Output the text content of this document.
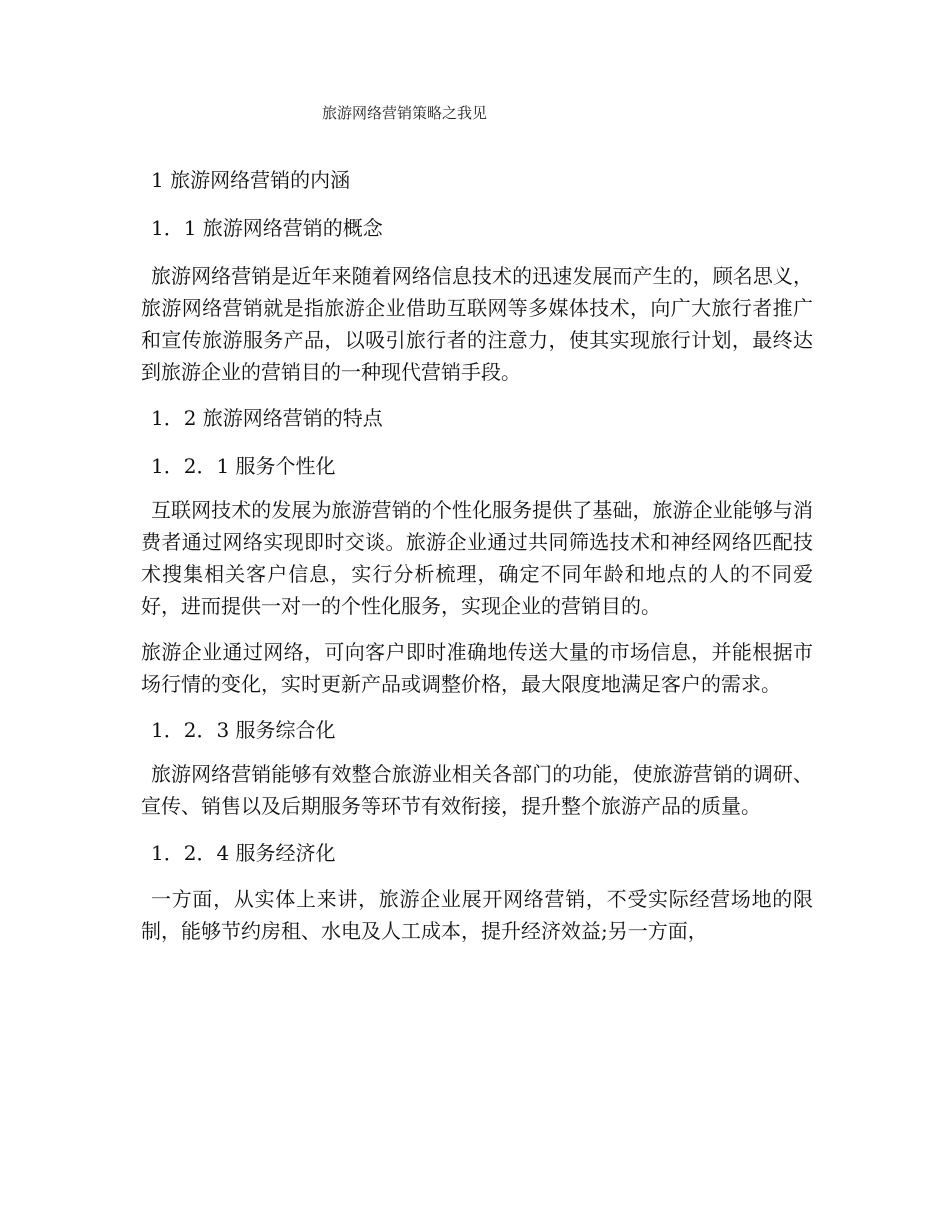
旅游网络营销策略之我见

1 旅游网络营销的内涵

1．1 旅游网络营销的概念

旅游网络营销是近年来随着网络信息技术的迅速发展而产生的，顾名思义，旅游网络营销就是指旅游企业借助互联网等多媒体技术，向广大旅行者推广和宣传旅游服务产品，以吸引旅行者的注意力，使其实现旅行计划，最终达到旅游企业的营销目的一种现代营销手段。

1．2 旅游网络营销的特点

1．2．1 服务个性化

互联网技术的发展为旅游营销的个性化服务提供了基础，旅游企业能够与消费者通过网络实现即时交谈。旅游企业通过共同筛选技术和神经网络匹配技术搜集相关客户信息，实行分析梳理，确定不同年龄和地点的人的不同爱好，进而提供一对一的个性化服务，实现企业的营销目的。

旅游企业通过网络，可向客户即时准确地传送大量的市场信息，并能根据市场行情的变化，实时更新产品或调整价格，最大限度地满足客户的需求。

1．2．3 服务综合化

旅游网络营销能够有效整合旅游业相关各部门的功能，使旅游营销的调研、宣传、销售以及后期服务等环节有效衔接，提升整个旅游产品的质量。

1．2．4 服务经济化

一方面，从实体上来讲，旅游企业展开网络营销，不受实际经营场地的限制，能够节约房租、水电及人工成本，提升经济效益;另一方面，
